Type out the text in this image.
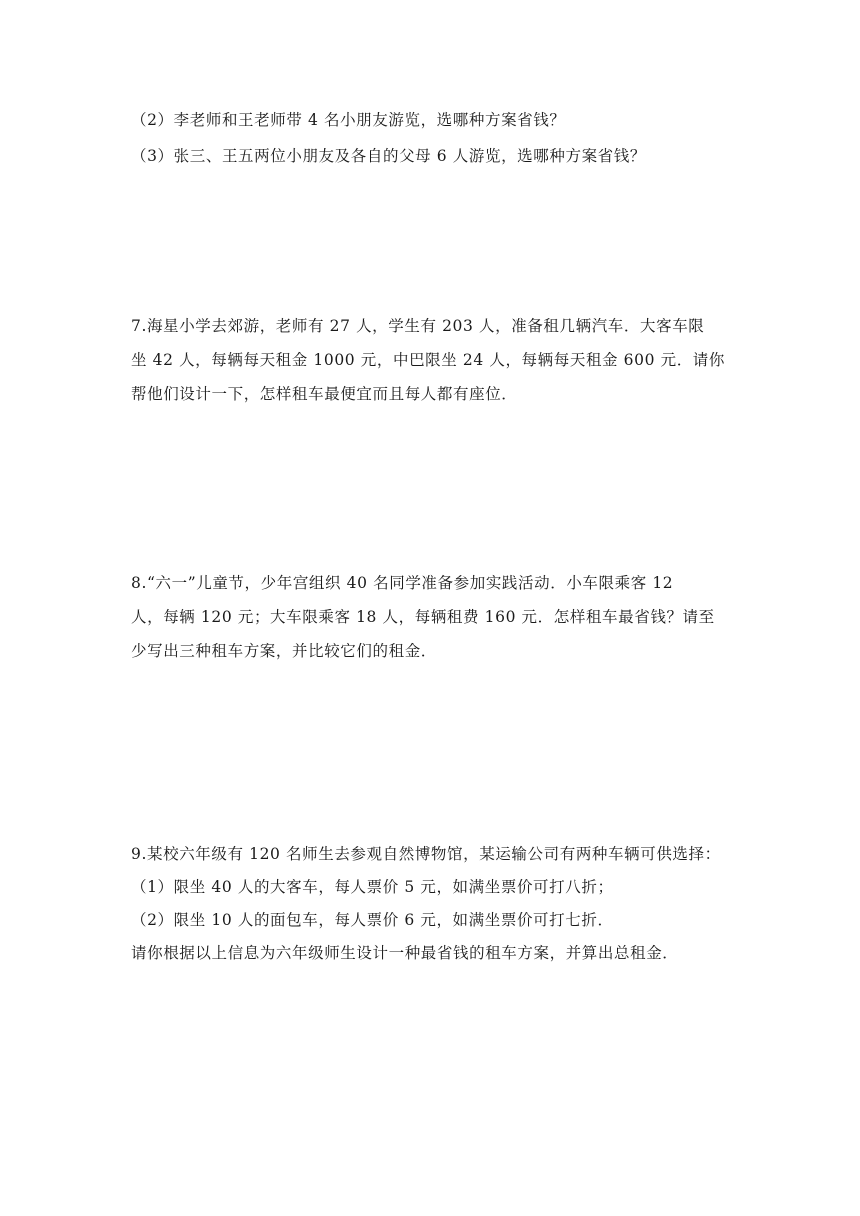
（2）李老师和王老师带 4 名小朋友游览，选哪种方案省钱？
（3）张三、王五两位小朋友及各自的父母 6 人游览，选哪种方案省钱？
7.海星小学去郊游，老师有 27 人，学生有 203 人，准备租几辆汽车．大客车限
坐 42 人，每辆每天租金 1000 元，中巴限坐 24 人，每辆每天租金 600 元．请你
帮他们设计一下，怎样租车最便宜而且每人都有座位．
8.“六一”儿童节，少年宫组织 40 名同学准备参加实践活动．小车限乘客 12
人，每辆 120 元；大车限乘客 18 人，每辆租费 160 元．怎样租车最省钱？请至
少写出三种租车方案，并比较它们的租金．
9.某校六年级有 120 名师生去参观自然博物馆，某运输公司有两种车辆可供选择：
（1）限坐 40 人的大客车，每人票价 5 元，如满坐票价可打八折；
（2）限坐 10 人的面包车，每人票价 6 元，如满坐票价可打七折．
请你根据以上信息为六年级师生设计一种最省钱的租车方案，并算出总租金．
